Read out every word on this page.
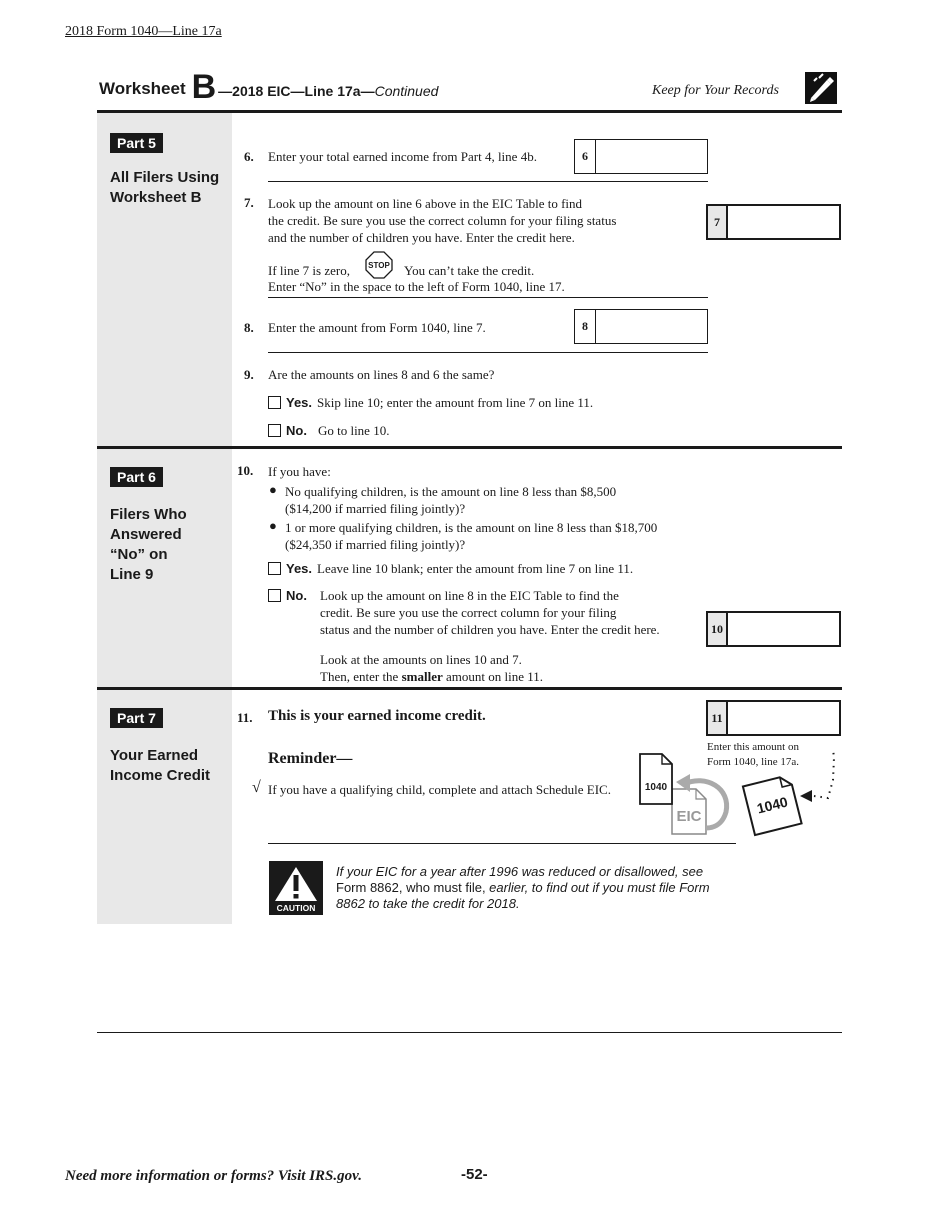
2018 Form 1040—Line 17a
Worksheet B —2018 EIC—Line 17a—Continued	Keep for Your Records
Part 5
All Filers Using
Worksheet B
6. Enter your total earned income from Part 4, line 4b.	6
7. Look up the amount on line 6 above in the EIC Table to find
the credit. Be sure you use the correct column for your filing status
and the number of children you have. Enter the credit here.
7
If line 7 is zero, STOP You can’t take the credit.
Enter “No” in the space to the left of Form 1040, line 17.
8. Enter the amount from Form 1040, line 7.	8
9. Are the amounts on lines 8 and 6 the same?
Yes. Skip line 10; enter the amount from line 7 on line 11.
No. Go to line 10.
Part 6
Filers Who
Answered
“No” on
Line 9
10. If you have:
● No qualifying children, is the amount on line 8 less than $8,500
($14,200 if married filing jointly)?
● 1 or more qualifying children, is the amount on line 8 less than $18,700
($24,350 if married filing jointly)?
Yes. Leave line 10 blank; enter the amount from line 7 on line 11.
No. Look up the amount on line 8 in the EIC Table to find the
credit. Be sure you use the correct column for your filing
status and the number of children you have. Enter the credit here.	10
Look at the amounts on lines 10 and 7.
Then, enter the smaller amount on line 11.
Part 7
Your Earned
Income Credit
11. This is your earned income credit.	11
Enter this amount on
Form 1040, line 17a.
Reminder—
√ If you have a qualifying child, complete and attach Schedule EIC.
EIC
1040
1040
CAUTION
If your EIC for a year after 1996 was reduced or disallowed, see
Form 8862, who must file, earlier, to find out if you must file Form
8862 to take the credit for 2018.
Need more information or forms? Visit IRS.gov.	-52-
